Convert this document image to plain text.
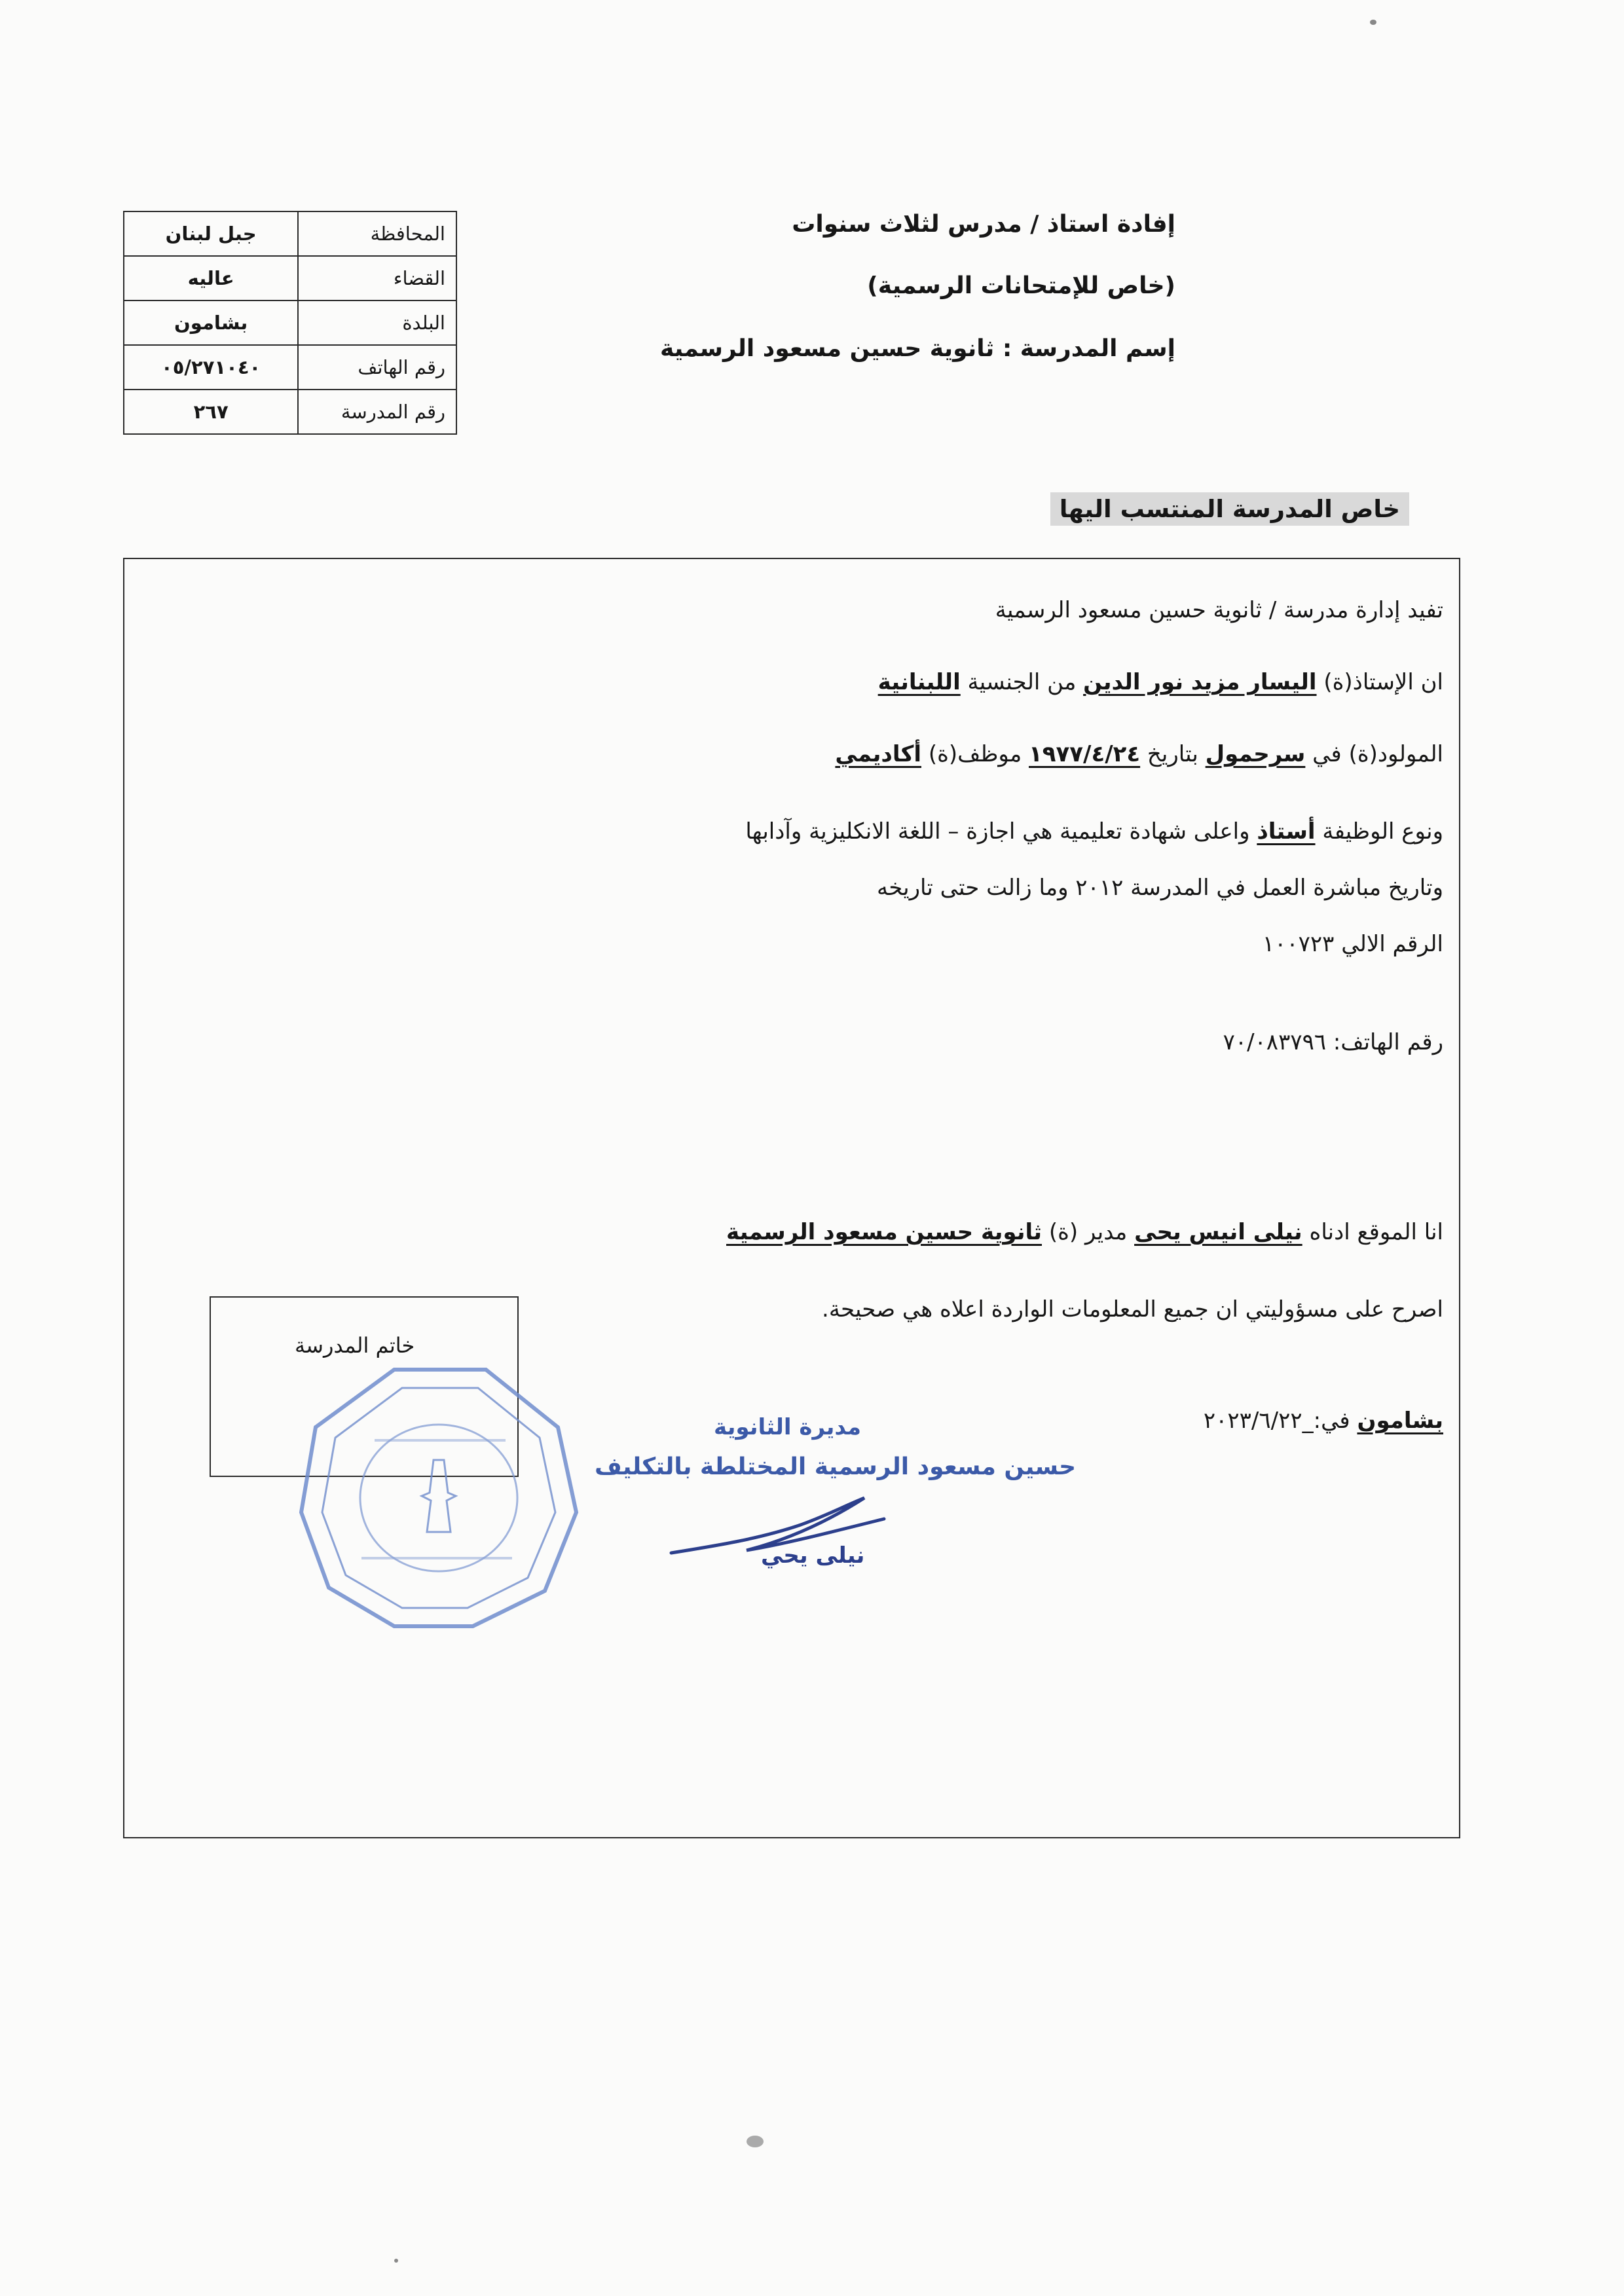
إفادة استاذ / مدرس لثلاث سنوات
(خاص للإمتحانات الرسمية)
إسم المدرسة : ثانوية حسين مسعود الرسمية
المحافظة	جبل لبنان
القضاء	عاليه
البلدة	بشامون
رقم الهاتف	٠٥/٢٧١٠٤٠
رقم المدرسة	٢٦٧
خاص المدرسة المنتسب اليها
تفيد إدارة مدرسة / ثانوية حسين مسعود الرسمية
ان الإستاذ(ة) اليسار مزيد نور الدين من الجنسية اللبنانية
المولود(ة) في سرحمول بتاريخ ١٩٧٧/٤/٢٤ موظف(ة) أكاديمي
ونوع الوظيفة أستاذ واعلى شهادة تعليمية هي اجازة – اللغة الانكليزية وآدابها
وتاريخ مباشرة العمل في المدرسة ٢٠١٢ وما زالت حتى تاريخه
الرقم الالي ١٠٠٧٢٣
رقم الهاتف: ٧٠/٠٨٣٧٩٦
انا الموقع ادناه نيلى انيس يحى مدير (ة) ثانوية حسين مسعود الرسمية
اصرح على مسؤوليتي ان جميع المعلومات الواردة اعلاه هي صحيحة.
بشامون في:_٢٠٢٣/٦/٢٢
خاتم المدرسة
مديرة الثانوية
حسين مسعود الرسمية المختلطة بالتكليف
نيلى يحي
